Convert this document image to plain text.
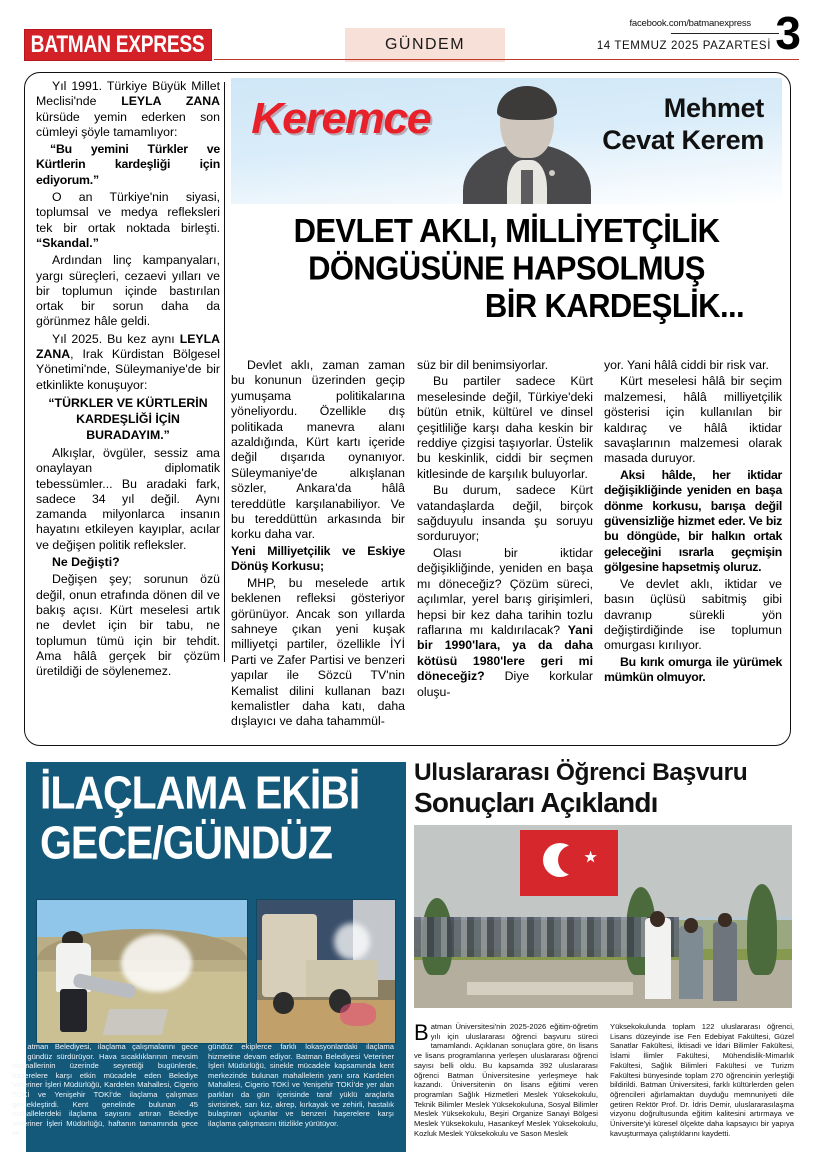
BATMAN EXPRESS	GÜNDEM
facebook.com/batmanexpress
14 TEMMUZ 2025 PAZARTESİ 3

Yıl 1991. Türkiye Büyük Millet Meclisi'nde LEYLA ZANA kürsüde yemin ederken son cümleyi şöyle tamamlıyor:

“Bu yemini Türkler ve Kürtlerin kardeşliği için ediyorum.”

O an Türkiye'nin siyasi, toplumsal ve medya refleksleri tek bir ortak noktada birleşti. “Skandal.”

Ardından linç kampanyaları, yargı süreçleri, cezaevi yılları ve bir toplumun içinde bastırılan ortak bir sorun daha da görünmez hâle geldi.

Yıl 2025. Bu kez aynı LEYLA ZANA, Irak Kürdistan Bölgesel Yönetimi'nde, Süleymaniye'de bir etkinlikte konuşuyor:

“TÜRKLER VE KÜRTLERİN KARDEŞLİĞİ İÇİN BURADAYIM.”

Alkışlar, övgüler, sessiz ama onaylayan diplomatik tebessümler... Bu aradaki fark, sadece 34 yıl değil. Aynı zamanda milyonlarca insanın hayatını etkileyen kayıplar, acılar ve değişen politik refleksler.

Ne Değişti?

Değişen şey; sorunun özü değil, onun etrafında dönen dil ve bakış açısı. Kürt meselesi artık ne devlet için bir tabu, ne toplumun tümü için bir tehdit. Ama hâlâ gerçek bir çözüm üretildiği de söylenemez.

Keremce	Mehmet
Cevat Kerem
DEVLET AKLI, MİLLİYETÇİLİK
DÖNGÜSÜNE HAPSOLMUŞ
BİR KARDEŞLİK...

Devlet aklı, zaman zaman bu konunun üzerinden geçip yumuşama politikalarına yöneliyordu. Özellikle dış politikada manevra alanı azaldığında, Kürt kartı içeride değil dışarıda oynanıyor. Süleymaniye'de alkışlanan sözler, Ankara'da hâlâ tereddütle karşılanabiliyor. Ve bu tereddüttün arkasında bir korku daha var.

Yeni Milliyetçilik ve Eskiye Dönüş Korkusu;

MHP, bu meselede artık beklenen refleksi gösteriyor görünüyor. Ancak son yıllarda sahneye çıkan yeni kuşak milliyetçi partiler, özellikle İYİ Parti ve Zafer Partisi ve benzeri yapılar ile Sözcü TV'nin Kemalist dilini kullanan bazı kemalistler daha katı, daha dışlayıcı ve daha tahammül-

süz bir dil benimsiyorlar.

Bu partiler sadece Kürt meselesinde değil, Türkiye'deki bütün etnik, kültürel ve dinsel çeşitliliğe karşı daha keskin bir reddiye çizgisi taşıyorlar. Üstelik bu keskinlik, ciddi bir seçmen kitlesinde de karşılık buluyorlar.

Bu durum, sadece Kürt vatandaşlarda değil, birçok sağduyulu insanda şu soruyu sorduruyor;

Olası bir iktidar değişikliğinde, yeniden en başa mı döneceğiz? Çözüm süreci, açılımlar, yerel barış girişimleri, hepsi bir kez daha tarihin tozlu raflarına mı kaldırılacak? Yani bir 1990'lara, ya da daha kötüsü 1980'lere geri mi döneceğiz? Diye korkular oluşu-

yor. Yani hâlâ ciddi bir risk var.

Kürt meselesi hâlâ bir seçim malzemesi, hâlâ milliyetçilik gösterisi için kullanılan bir kaldıraç ve hâlâ iktidar savaşlarının malzemesi olarak masada duruyor.

Aksi hâlde, her iktidar değişikliğinde yeniden en başa dönme korkusu, barışa değil güvensizliğe hizmet eder. Ve biz bu döngüde, bir halkın ortak geleceğini ısrarla geçmişin gölgesine hapsetmiş oluruz.

Ve devlet aklı, iktidar ve basın üçlüsü sabitmiş gibi davranıp sürekli yön değiştirdiğinde ise toplumun omurgası kırılıyor.

Bu kırık omurga ile yürümek mümkün olmuyor.

İLAÇLAMA EKİBİ
GECE/GÜNDÜZ

Batman Belediyesi, ilaçlama çalışmalarını gece gündüz sürdürüyor. Hava sıcaklıklarının mevsim normallerinin üzerinde seyrettiği bugünlerde, haşerelere karşı etkin mücadele eden Belediye Veteriner İşleri Müdürlüğü, Kardelen Mahallesi, Cigerio TOKİ ve Yenişehir TOKİ'de ilaçlama çalışması gerçekleştirdi. Kent genelinde bulunan 45 mahallelerdeki ilaçlama sayısını artıran Belediye Veteriner İşleri Müdürlüğü, haftanın tamamında gece ve

gündüz ekiplerce farklı lokasyonlardaki ilaçlama hizmetine devam ediyor. Batman Belediyesi Veteriner İşleri Müdürlüğü, sinekle mücadele kapsamında kent merkezinde bulunan mahallelerin yanı sıra Kardelen Mahallesi, Cigerio TOKİ ve Yenişehir TOKİ'de yer alan parkları da gün içerisinde taraf yüklü araçlarla sivrisinek, sarı kız, akrep, kırkayak ve zehirli, hastalık bulaştıran uçkunlar ve benzeri haşerelere karşı ilaçlama çalışmasını titizlikle yürütüyor.

Uluslararası Öğrenci Başvuru
Sonuçları Açıklandı

Batman Üniversitesi'nin 2025-2026 eğitim-öğretim yılı için uluslararası öğrenci başvuru süreci tamamlandı. Açıklanan sonuçlara göre, ön lisans ve lisans programlarına yerleşen uluslararası öğrenci sayısı belli oldu. Bu kapsamda 392 uluslararası öğrenci Batman Üniversitesine yerleşmeye hak kazandı. Üniversitenin ön lisans eğitimi veren programları Sağlık Hizmetleri Meslek Yüksekokulu, Teknik Bilimler Meslek Yüksekokuluna, Sosyal Bilimler Meslek Yüksekokulu, Beşiri Organize Sanayi Bölgesi Meslek Yüksekokulu, Hasankeyf Meslek Yüksekokulu, Kozluk Meslek Yüksekokulu ve Sason Meslek

Yüksekokulunda toplam 122 uluslararası öğrenci, Lisans düzeyinde ise Fen Edebiyat Fakültesi, Güzel Sanatlar Fakültesi, İktisadi ve İdari Bilimler Fakültesi, İslami İlimler Fakültesi, Mühendislik-Mimarlık Fakültesi, Sağlık Bilimleri Fakültesi ve Turizm Fakültesi bünyesinde toplam 270 öğrencinin yerleştiği bildirildi. Batman Üniversitesi, farklı kültürlerden gelen öğrencileri ağırlamaktan duyduğu memnuniyeti dile getiren Rektör Prof. Dr. İdris Demir, uluslararasılaşma vizyonu doğrultusunda eğitim kalitesini artırmaya ve Üniversite'yi küresel ölçekte daha kapsayıcı bir yapıya kavuşturmaya çalıştıklarını kaydetti.
